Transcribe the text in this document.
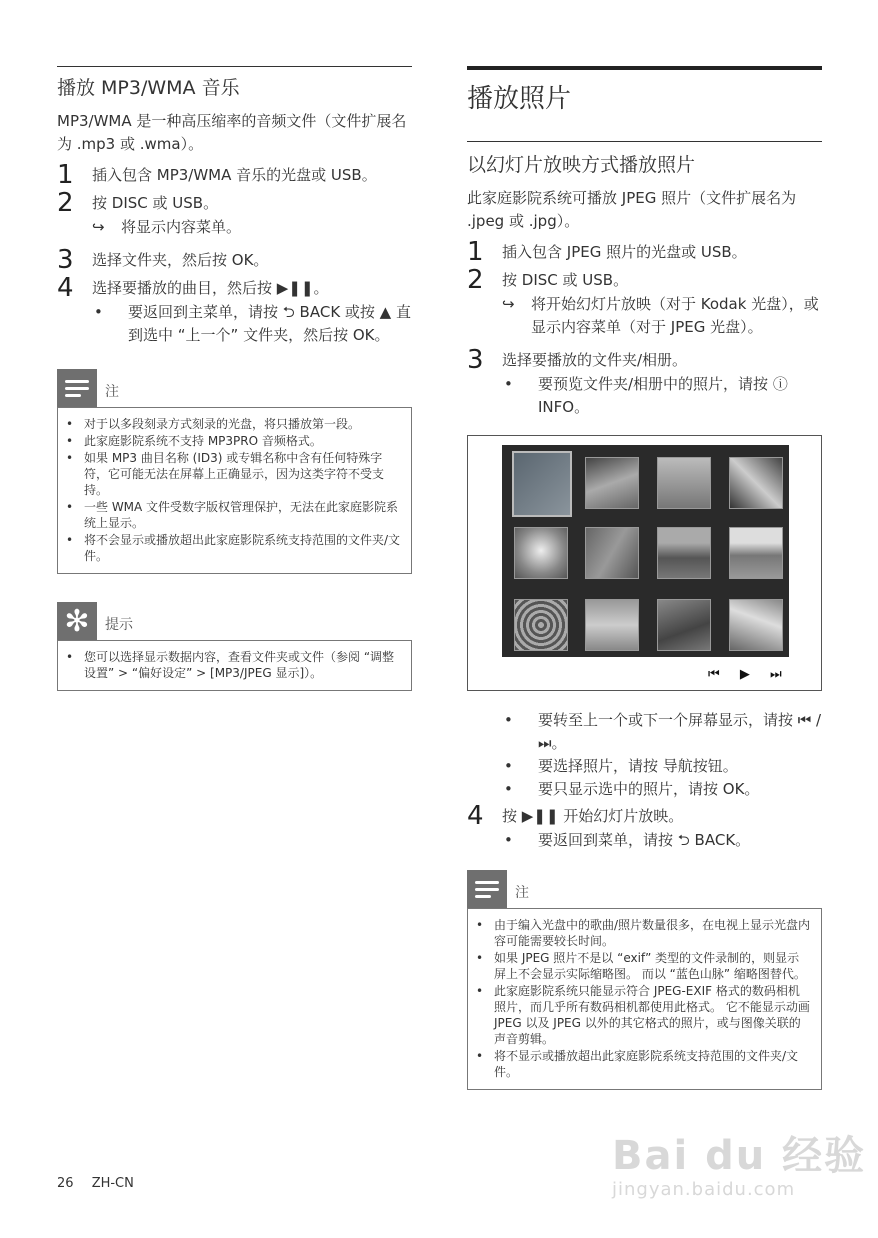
播放 MP3/WMA 音乐
MP3/WMA 是一种高压缩率的音频文件（文件扩展名为 .mp3 或 .wma）。
1	插入包含 MP3/WMA 音乐的光盘或 USB。
2	按 DISC 或 USB。
↪	将显示内容菜单。
3	选择文件夹，然后按 OK。
4	选择要播放的曲目，然后按 ▶❚❚。
•	要返回到主菜单，请按 ⮌ BACK 或按 ▲ 直到选中 “上一个” 文件夹，然后按 OK。
注
• 对于以多段刻录方式刻录的光盘，将只播放第一段。
• 此家庭影院系统不支持 MP3PRO 音频格式。
• 如果 MP3 曲目名称 (ID3) 或专辑名称中含有任何特殊字符，它可能无法在屏幕上正确显示，因为这类字符不受支持。
• 一些 WMA 文件受数字版权管理保护，无法在此家庭影院系统上显示。
• 将不会显示或播放超出此家庭影院系统支持范围的文件夹/文件。
✻	提示
• 您可以选择显示数据内容，查看文件夹或文件（参阅 “调整设置” > “偏好设定” > [MP3/JPEG 显示]）。
播放照片
以幻灯片放映方式播放照片
此家庭影院系统可播放 JPEG 照片（文件扩展名为 .jpeg 或 .jpg）。
1	插入包含 JPEG 照片的光盘或 USB。
2	按 DISC 或 USB。
↪	将开始幻灯片放映（对于 Kodak 光盘），或显示内容菜单（对于 JPEG 光盘）。
3	选择要播放的文件夹/相册。
•	要预览文件夹/相册中的照片，请按 ⓘ INFO。
⏮ ▶ ⏭
•	要转至上一个或下一个屏幕显示，请按 ⏮ / ⏭。
•	要选择照片，请按 导航按钮。
•	要只显示选中的照片，请按 OK。
4	按 ▶❚❚ 开始幻灯片放映。
•	要返回到菜单，请按 ⮌ BACK。
注
• 由于编入光盘中的歌曲/照片数量很多，在电视上显示光盘内容可能需要较长时间。
• 如果 JPEG 照片不是以 “exif” 类型的文件录制的，则显示屏上不会显示实际缩略图。 而以 “蓝色山脉” 缩略图替代。
• 此家庭影院系统只能显示符合 JPEG-EXIF 格式的数码相机照片，而几乎所有数码相机都使用此格式。 它不能显示动画 JPEG 以及 JPEG 以外的其它格式的照片，或与图像关联的声音剪辑。
• 将不显示或播放超出此家庭影院系统支持范围的文件夹/文件。
26 ZH-CN
Bai du 经验
jingyan.baidu.com
